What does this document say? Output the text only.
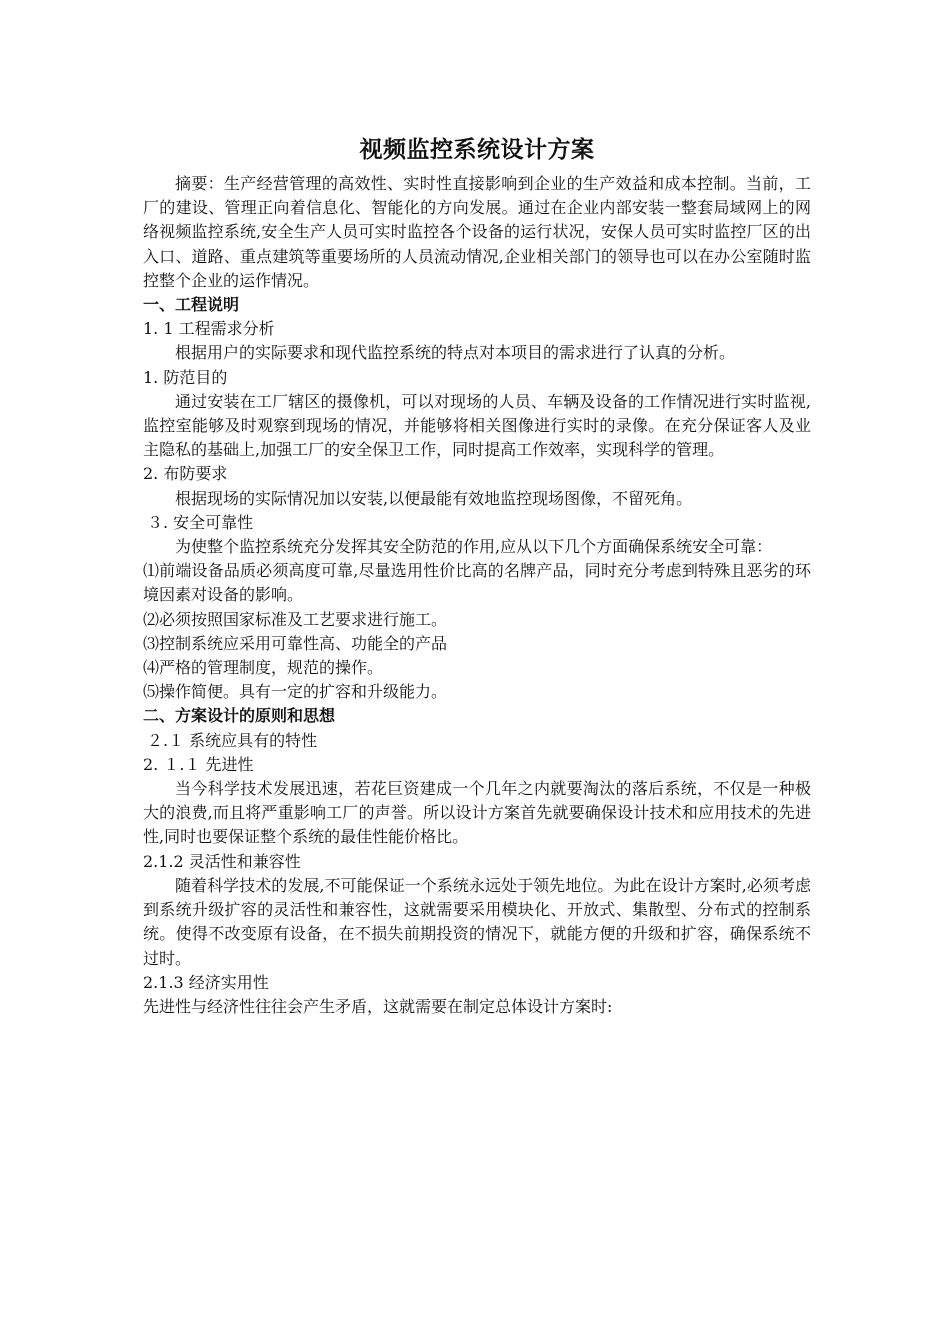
视频监控系统设计方案

摘要：生产经营管理的高效性、实时性直接影响到企业的生产效益和成本控制。当前，工厂的建设、管理正向着信息化、智能化的方向发展。通过在企业内部安装一整套局域网上的网络视频监控系统,安全生产人员可实时监控各个设备的运行状况，安保人员可实时监控厂区的出入口、道路、重点建筑等重要场所的人员流动情况,企业相关部门的领导也可以在办公室随时监控整个企业的运作情况。

一、工程说明

1. 1 工程需求分析

根据用户的实际要求和现代监控系统的特点对本项目的需求进行了认真的分析。

1. 防范目的

通过安装在工厂辖区的摄像机，可以对现场的人员、车辆及设备的工作情况进行实时监视,监控室能够及时观察到现场的情况，并能够将相关图像进行实时的录像。在充分保证客人及业主隐私的基础上,加强工厂的安全保卫工作，同时提高工作效率，实现科学的管理。

2. 布防要求

根据现场的实际情况加以安装,以便最能有效地监控现场图像，不留死角。

３. 安全可靠性

为使整个监控系统充分发挥其安全防范的作用,应从以下几个方面确保系统安全可靠：

⑴前端设备品质必须高度可靠,尽量选用性价比高的名牌产品，同时充分考虑到特殊且恶劣的环境因素对设备的影响。

⑵必须按照国家标准及工艺要求进行施工。

⑶控制系统应采用可靠性高、功能全的产品

⑷严格的管理制度，规范的操作。

⑸操作简便。具有一定的扩容和升级能力。

二、方案设计的原则和思想

２.１ 系统应具有的特性

2. １.１ 先进性

当今科学技术发展迅速，若花巨资建成一个几年之内就要淘汰的落后系统，不仅是一种极大的浪费,而且将严重影响工厂的声誉。所以设计方案首先就要确保设计技术和应用技术的先进性,同时也要保证整个系统的最佳性能价格比。

2.1.2 灵活性和兼容性

随着科学技术的发展,不可能保证一个系统永远处于领先地位。为此在设计方案时,必须考虑到系统升级扩容的灵活性和兼容性，这就需要采用模块化、开放式、集散型、分布式的控制系统。使得不改变原有设备，在不损失前期投资的情况下，就能方便的升级和扩容，确保系统不过时。

2.1.3 经济实用性

先进性与经济性往往会产生矛盾，这就需要在制定总体设计方案时:
